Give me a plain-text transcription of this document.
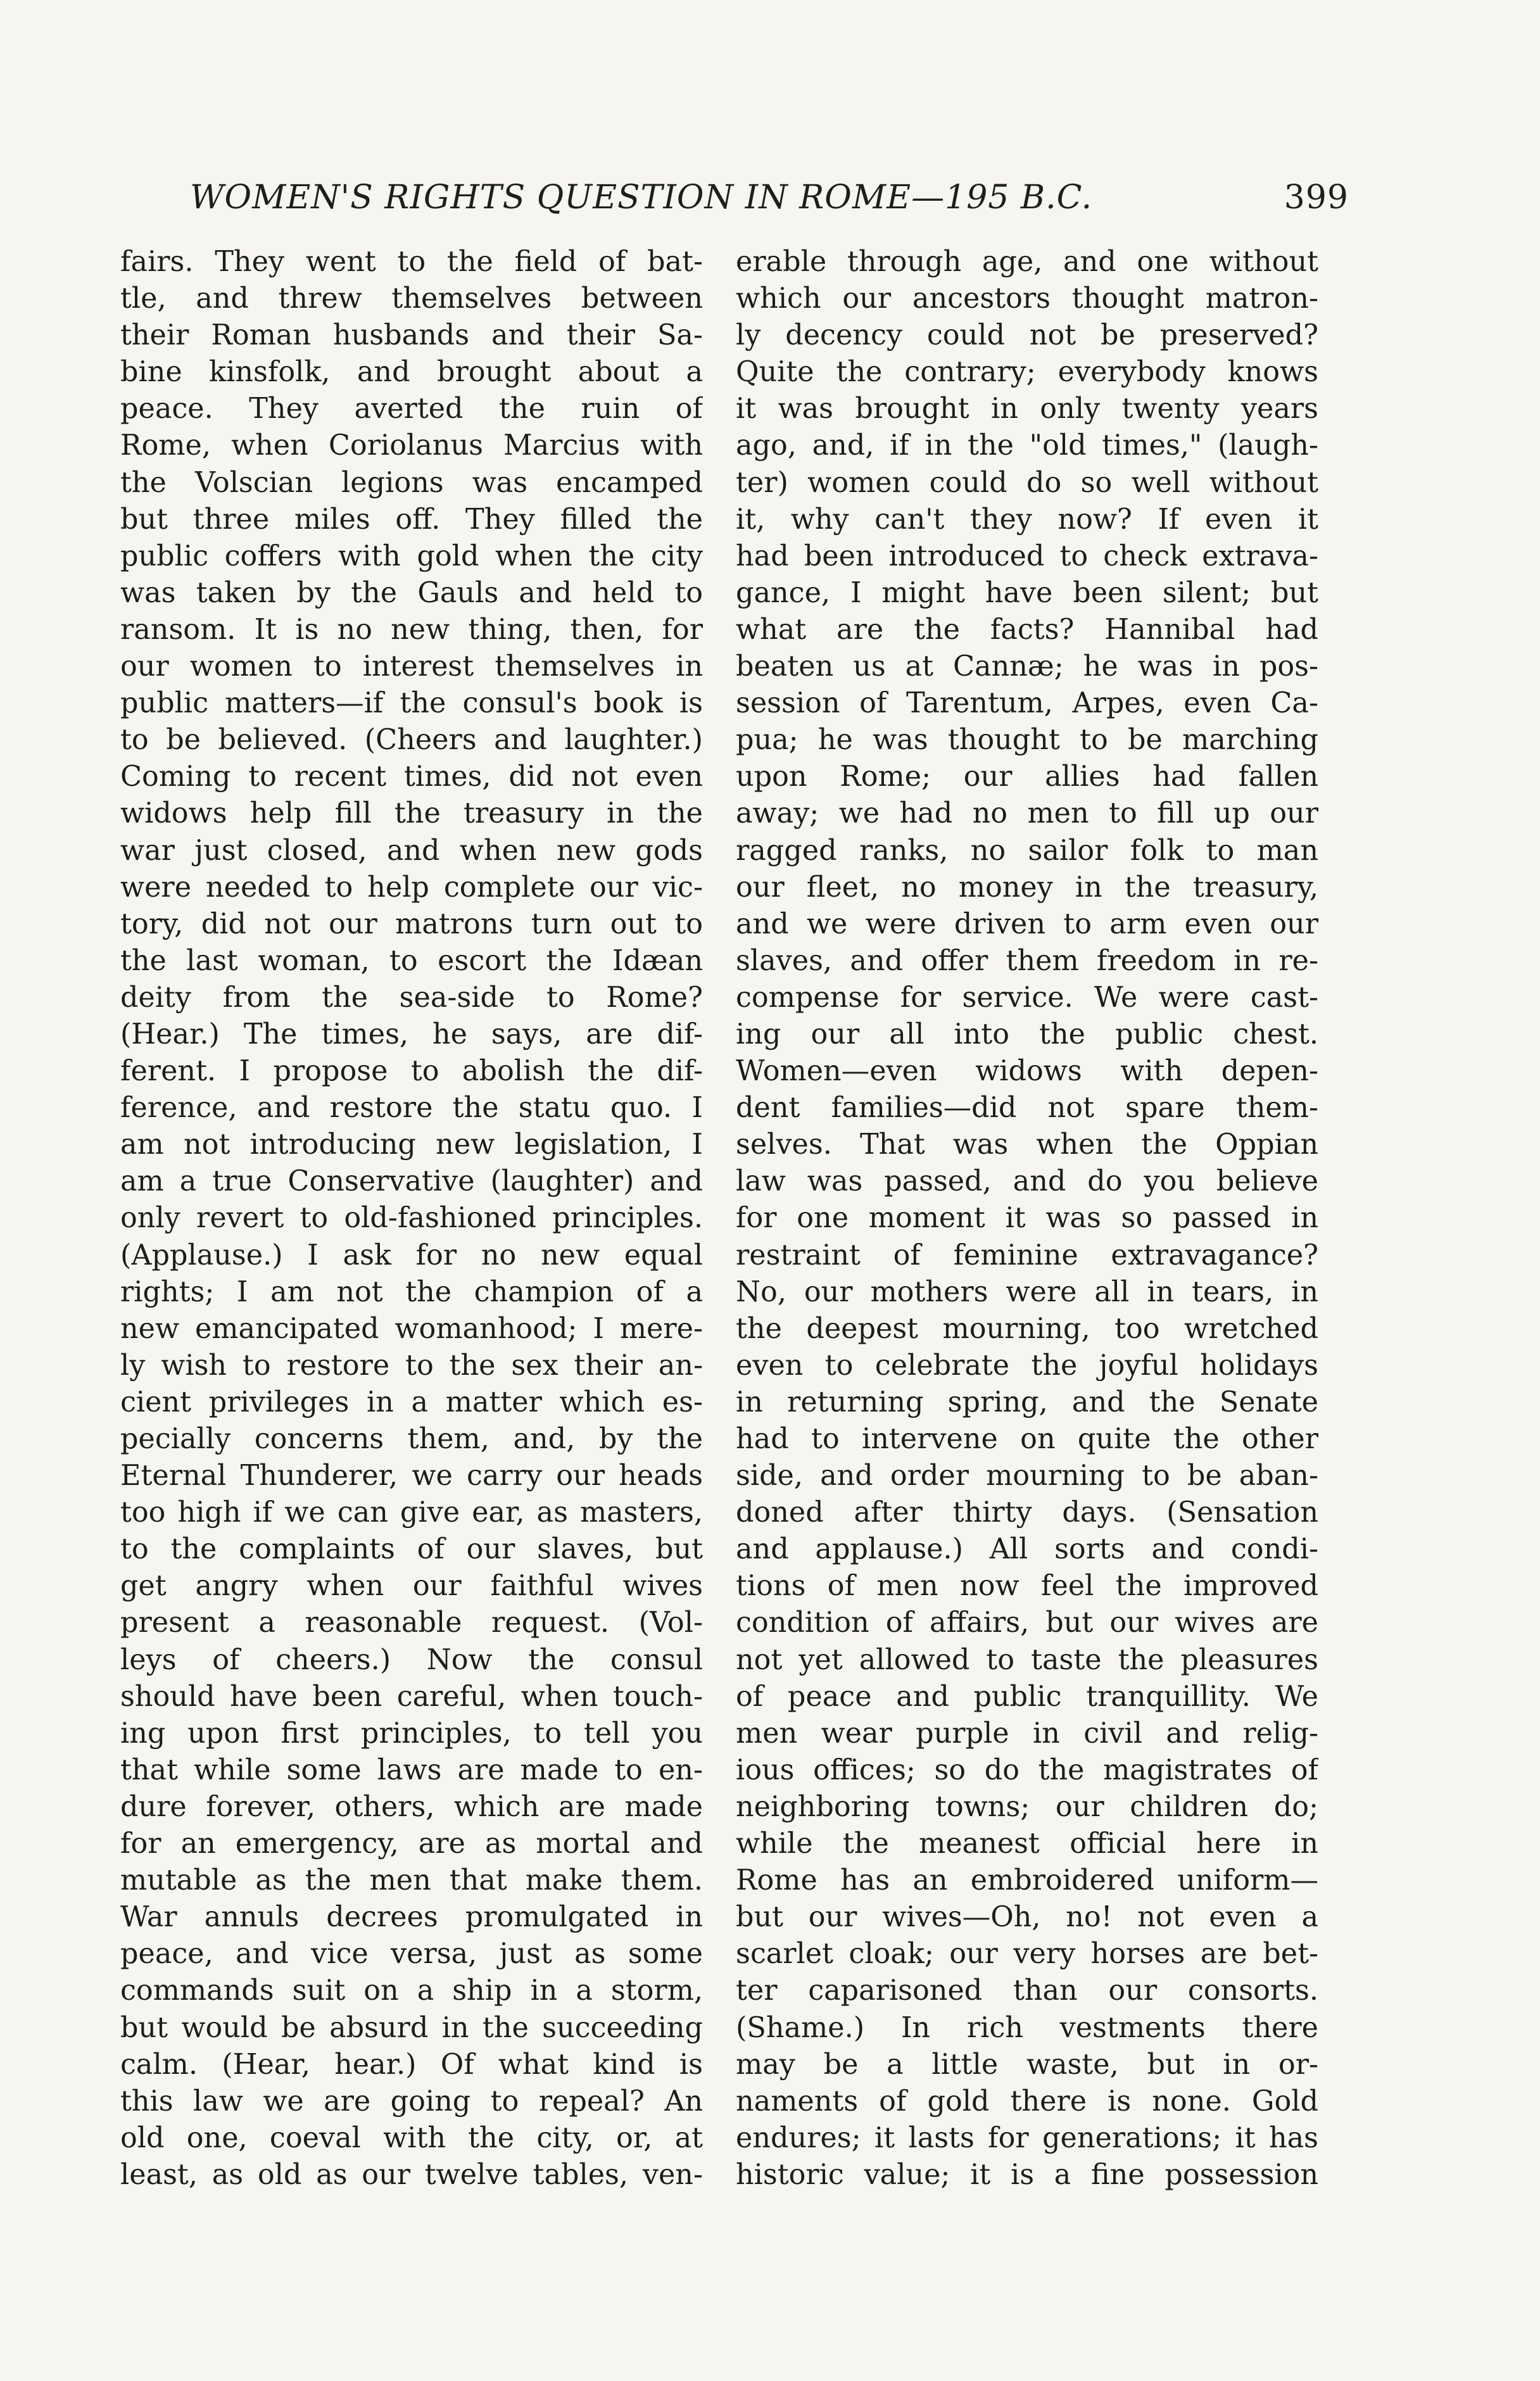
WOMEN'S RIGHTS QUESTION IN ROME—195 B.C.	399
fairs. They went to the field of bat-
tle, and threw themselves between
their Roman husbands and their Sa-
bine kinsfolk, and brought about a
peace. They averted the ruin of
Rome, when Coriolanus Marcius with
the Volscian legions was encamped
but three miles off. They filled the
public coffers with gold when the city
was taken by the Gauls and held to
ransom. It is no new thing, then, for
our women to interest themselves in
public matters—if the consul's book is
to be believed. (Cheers and laughter.)
Coming to recent times, did not even
widows help fill the treasury in the
war just closed, and when new gods
were needed to help complete our vic-
tory, did not our matrons turn out to
the last woman, to escort the Idæan
deity from the sea-side to Rome?
(Hear.) The times, he says, are dif-
ferent. I propose to abolish the dif-
ference, and restore the statu quo. I
am not introducing new legislation, I
am a true Conservative (laughter) and
only revert to old-fashioned principles.
(Applause.) I ask for no new equal
rights; I am not the champion of a
new emancipated womanhood; I mere-
ly wish to restore to the sex their an-
cient privileges in a matter which es-
pecially concerns them, and, by the
Eternal Thunderer, we carry our heads
too high if we can give ear, as masters,
to the complaints of our slaves, but
get angry when our faithful wives
present a reasonable request. (Vol-
leys of cheers.) Now the consul
should have been careful, when touch-
ing upon first principles, to tell you
that while some laws are made to en-
dure forever, others, which are made
for an emergency, are as mortal and
mutable as the men that make them.
War annuls decrees promulgated in
peace, and vice versa, just as some
commands suit on a ship in a storm,
but would be absurd in the succeeding
calm. (Hear, hear.) Of what kind is
this law we are going to repeal? An
old one, coeval with the city, or, at
least, as old as our twelve tables, ven-
erable through age, and one without
which our ancestors thought matron-
ly decency could not be preserved?
Quite the contrary; everybody knows
it was brought in only twenty years
ago, and, if in the "old times," (laugh-
ter) women could do so well without
it, why can't they now? If even it
had been introduced to check extrava-
gance, I might have been silent; but
what are the facts? Hannibal had
beaten us at Cannæ; he was in pos-
session of Tarentum, Arpes, even Ca-
pua; he was thought to be marching
upon Rome; our allies had fallen
away; we had no men to fill up our
ragged ranks, no sailor folk to man
our fleet, no money in the treasury,
and we were driven to arm even our
slaves, and offer them freedom in re-
compense for service. We were cast-
ing our all into the public chest.
Women—even widows with depen-
dent families—did not spare them-
selves. That was when the Oppian
law was passed, and do you believe
for one moment it was so passed in
restraint of feminine extravagance?
No, our mothers were all in tears, in
the deepest mourning, too wretched
even to celebrate the joyful holidays
in returning spring, and the Senate
had to intervene on quite the other
side, and order mourning to be aban-
doned after thirty days. (Sensation
and applause.) All sorts and condi-
tions of men now feel the improved
condition of affairs, but our wives are
not yet allowed to taste the pleasures
of peace and public tranquillity. We
men wear purple in civil and relig-
ious offices; so do the magistrates of
neighboring towns; our children do;
while the meanest official here in
Rome has an embroidered uniform—
but our wives—Oh, no! not even a
scarlet cloak; our very horses are bet-
ter caparisoned than our consorts.
(Shame.) In rich vestments there
may be a little waste, but in or-
naments of gold there is none. Gold
endures; it lasts for generations; it has
historic value; it is a fine possession
